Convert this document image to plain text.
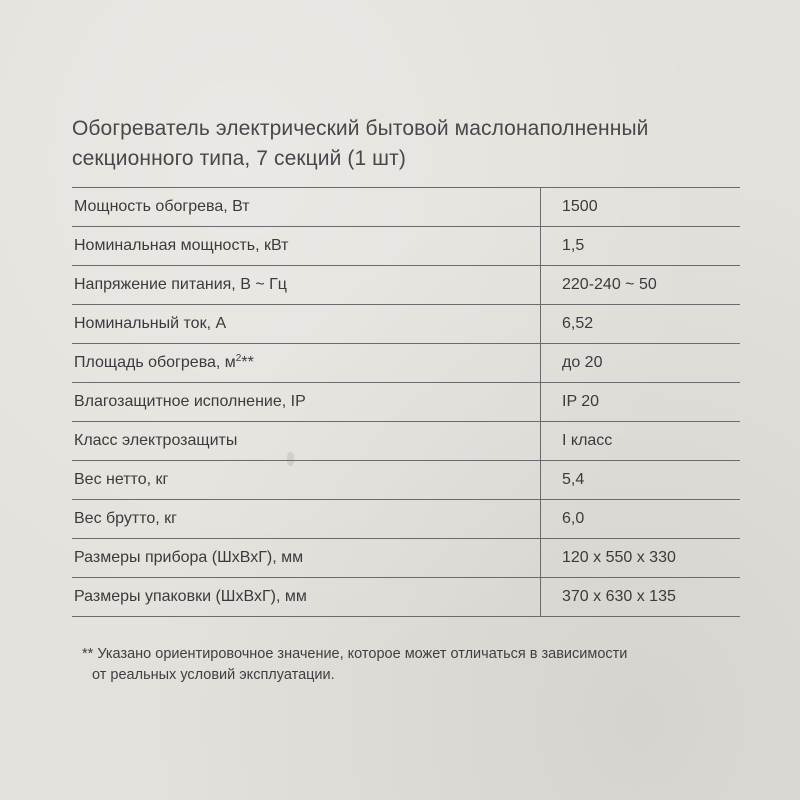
Обогреватель электрический бытовой маслонаполненный
секционного типа, 7 секций (1 шт)
Мощность обогрева, Вт	1500
Номинальная мощность, кВт	1,5
Напряжение питания, В ~ Гц	220-240 ~ 50
Номинальный ток, А	6,52
Площадь обогрева, $м^2**$	до 20
Влагозащитное исполнение, IP	IP 20
Класс электрозащиты	I класс
Вес нетто, кг	5,4
Вес брутто, кг	6,0
Размеры прибора (ШхВхГ), мм	120 х 550 х 330
Размеры упаковки (ШхВхГ), мм	370 х 630 х 135
** Указано ориентировочное значение, которое может отличаться в зависимости
от реальных условий эксплуатации.
